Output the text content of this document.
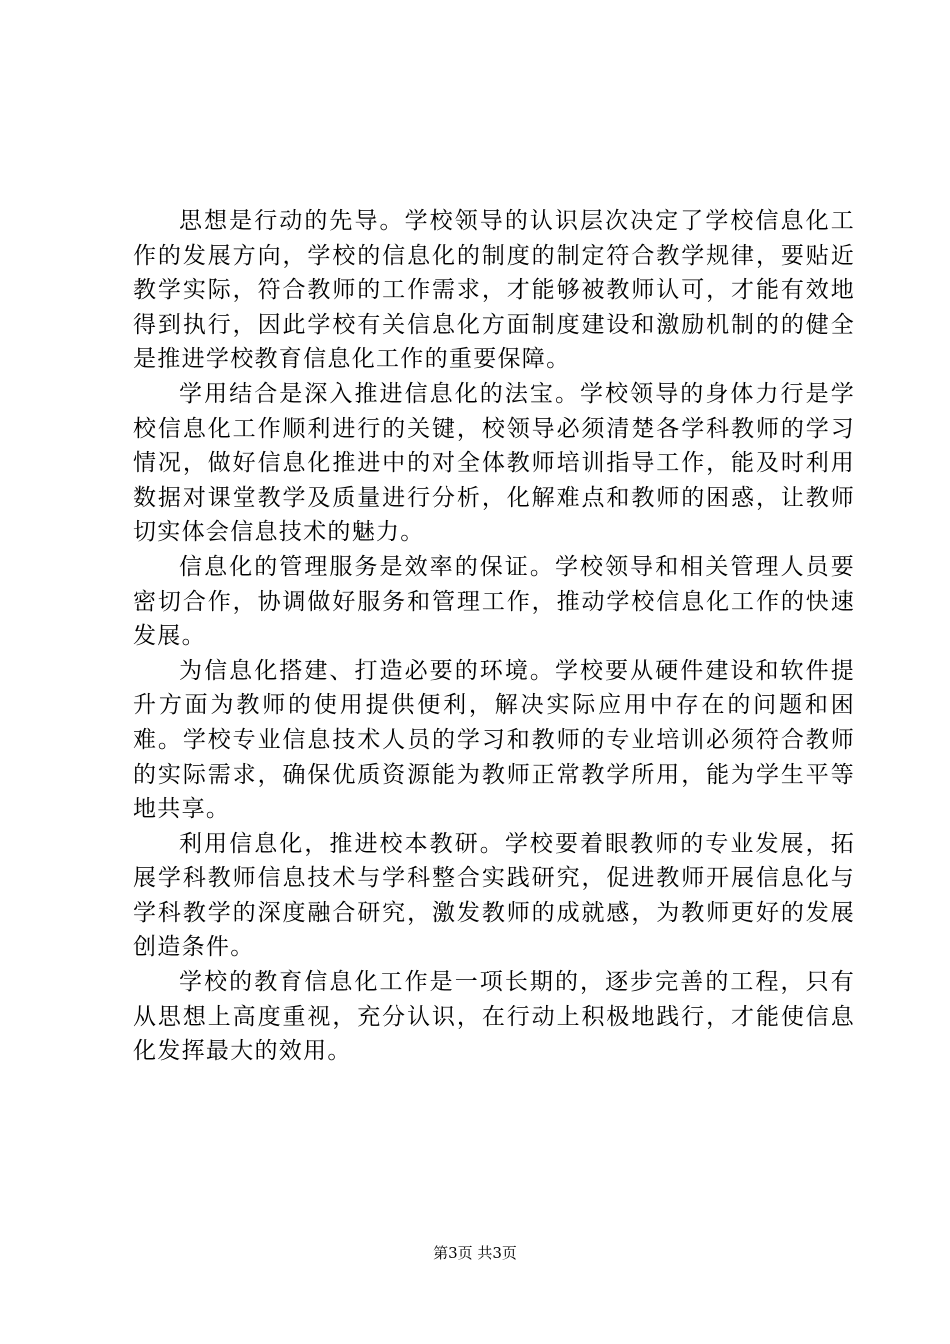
思想是行动的先导。学校领导的认识层次决定了学校信息化工作的发展方向，学校的信息化的制度的制定符合教学规律，要贴近教学实际，符合教师的工作需求，才能够被教师认可，才能有效地得到执行，因此学校有关信息化方面制度建设和激励机制的的健全是推进学校教育信息化工作的重要保障。

学用结合是深入推进信息化的法宝。学校领导的身体力行是学校信息化工作顺利进行的关键，校领导必须清楚各学科教师的学习情况，做好信息化推进中的对全体教师培训指导工作，能及时利用数据对课堂教学及质量进行分析，化解难点和教师的困惑，让教师切实体会信息技术的魅力。

信息化的管理服务是效率的保证。学校领导和相关管理人员要密切合作，协调做好服务和管理工作，推动学校信息化工作的快速发展。

为信息化搭建、打造必要的环境。学校要从硬件建设和软件提升方面为教师的使用提供便利，解决实际应用中存在的问题和困难。学校专业信息技术人员的学习和教师的专业培训必须符合教师的实际需求，确保优质资源能为教师正常教学所用，能为学生平等地共享。

利用信息化，推进校本教研。学校要着眼教师的专业发展，拓展学科教师信息技术与学科整合实践研究，促进教师开展信息化与学科教学的深度融合研究，激发教师的成就感，为教师更好的发展创造条件。

学校的教育信息化工作是一项长期的，逐步完善的工程，只有从思想上高度重视，充分认识，在行动上积极地践行，才能使信息化发挥最大的效用。

第3页 共3页
